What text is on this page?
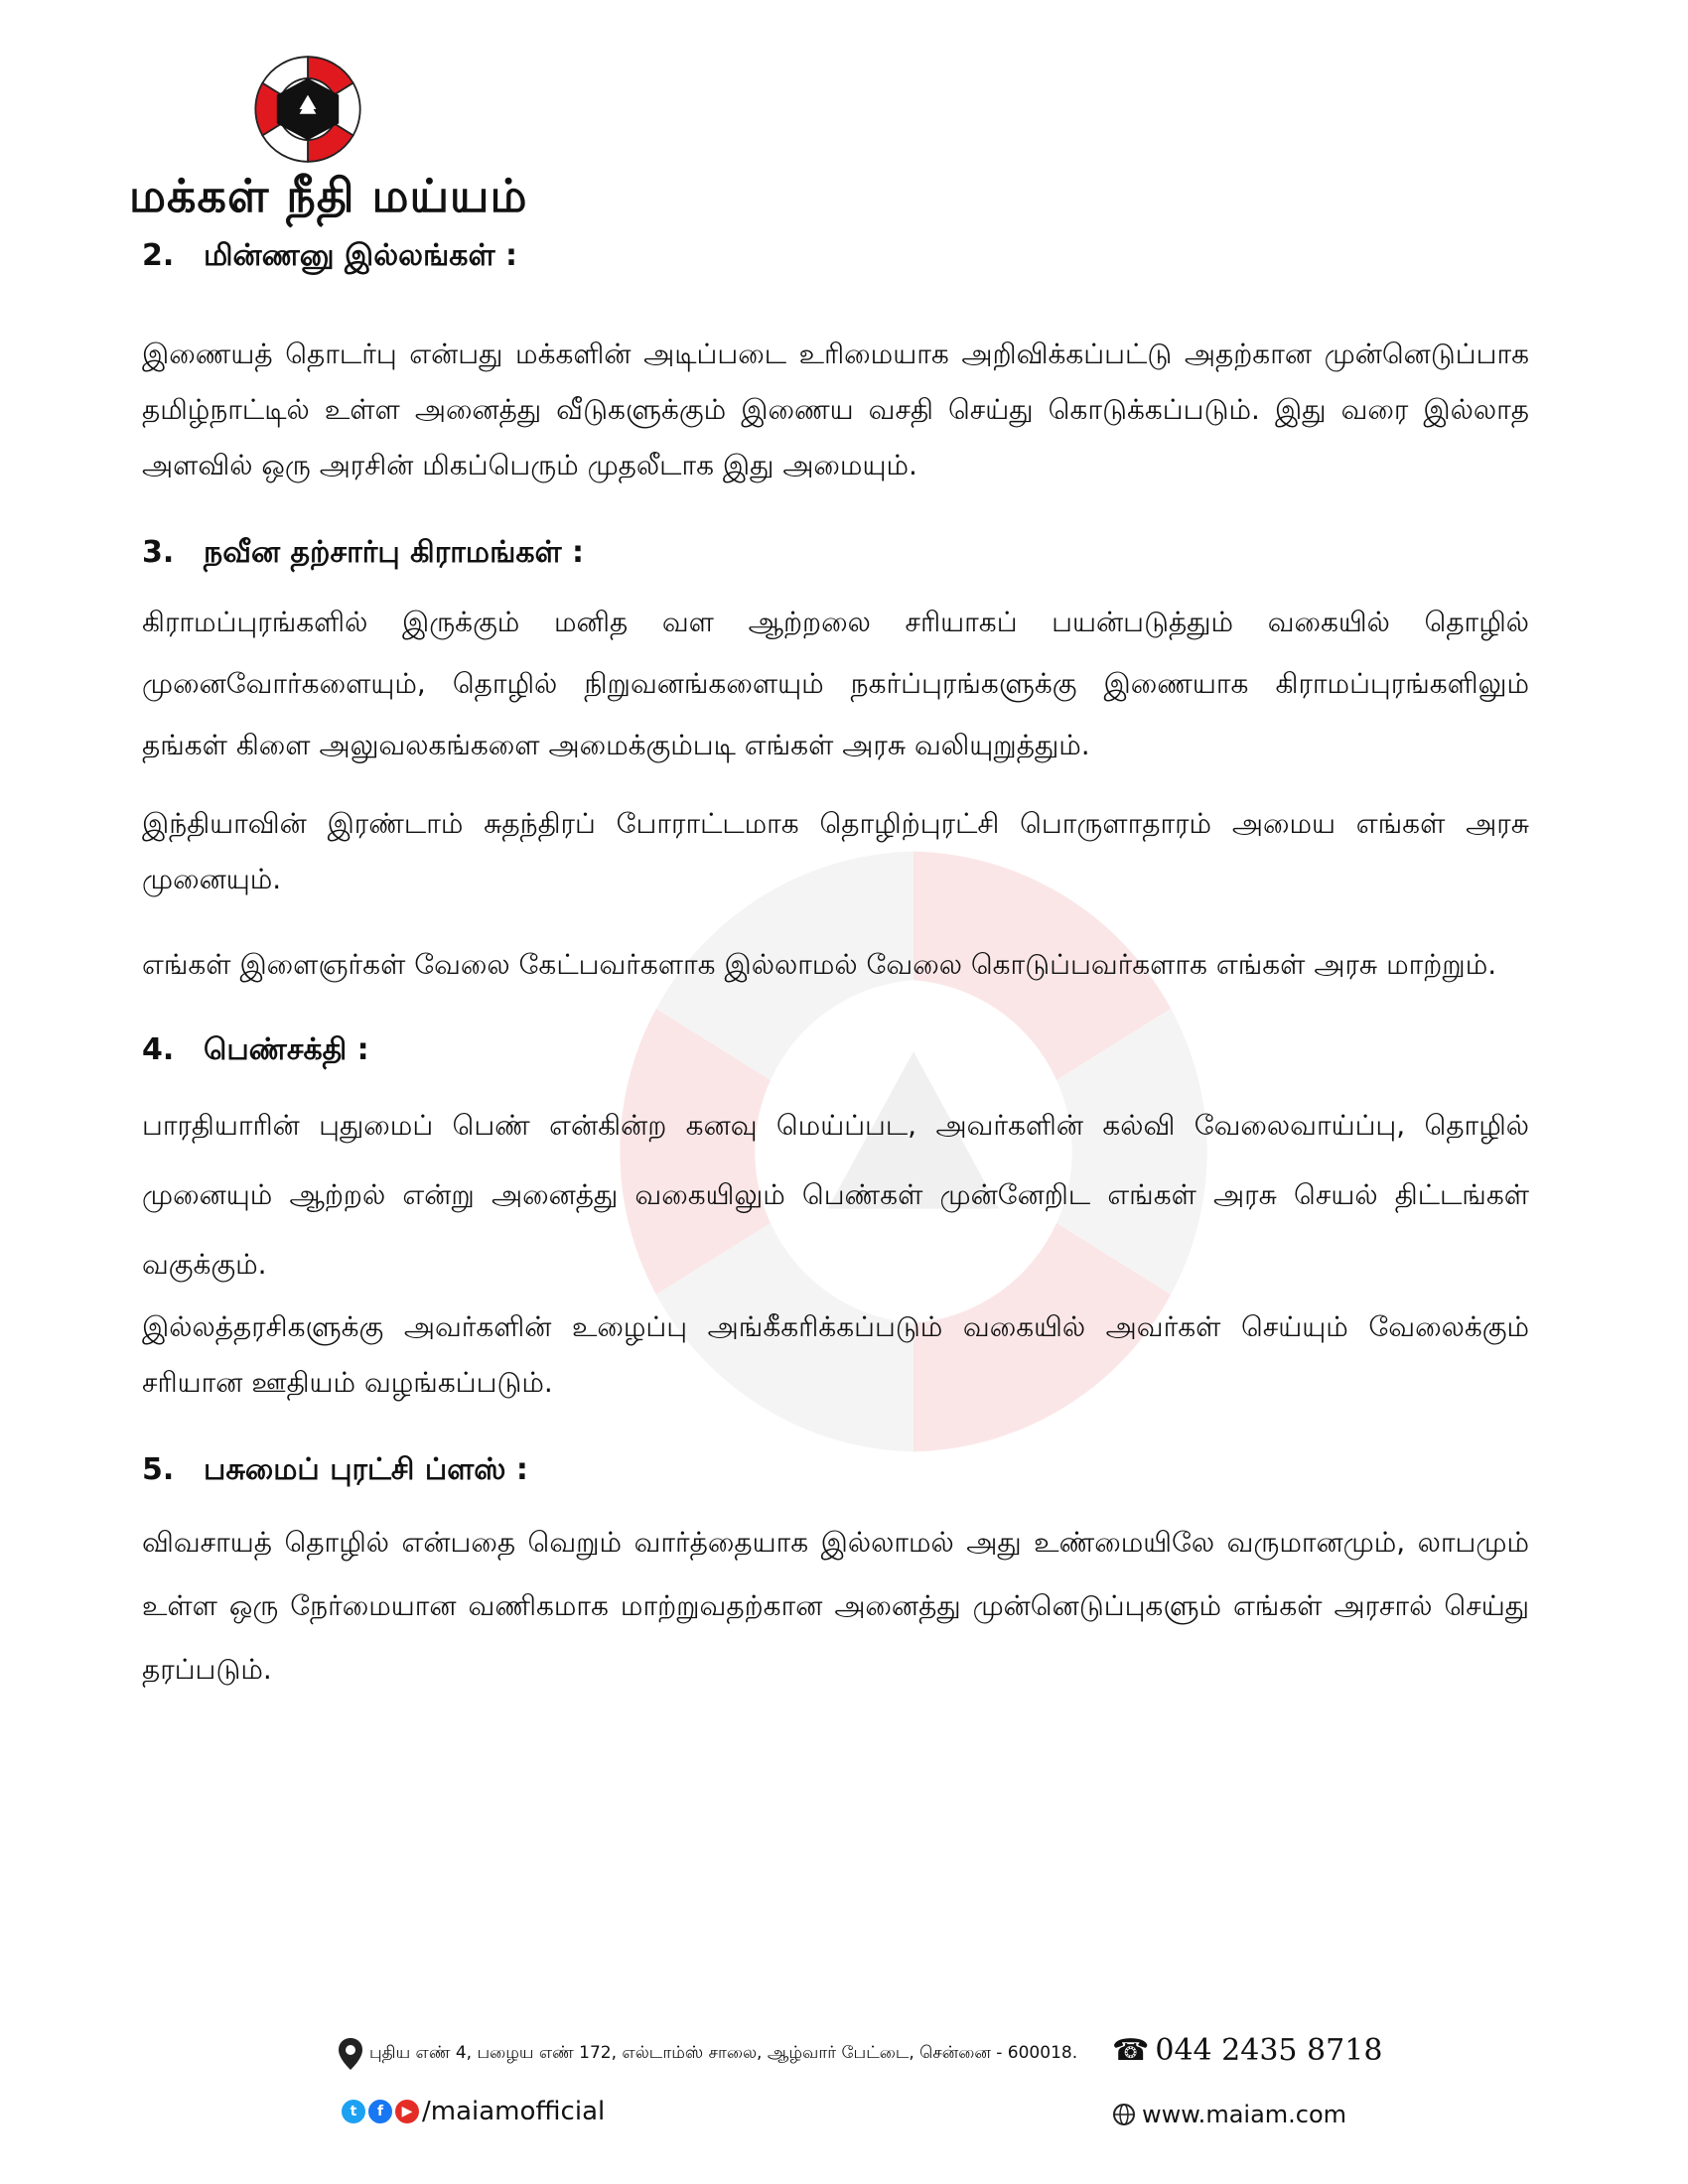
மக்கள் நீதி மய்யம்
2. மின்ணனு இல்லங்கள் :

இணையத் தொடர்பு என்பது மக்களின் அடிப்படை உரிமையாக அறிவிக்கப்பட்டு அதற்கான முன்னெடுப்பாக தமிழ்நாட்டில் உள்ள அனைத்து வீடுகளுக்கும் இணைய வசதி செய்து கொடுக்கப்படும். இது வரை இல்லாத அளவில் ஒரு அரசின் மிகப்பெரும் முதலீடாக இது அமையும்.

3. நவீன தற்சார்பு கிராமங்கள் :

கிராமப்புரங்களில் இருக்கும் மனித வள ஆற்றலை சரியாகப் பயன்படுத்தும் வகையில் தொழில் முனைவோர்களையும், தொழில் நிறுவனங்களையும் நகர்ப்புரங்களுக்கு இணையாக கிராமப்புரங்களிலும் தங்கள் கிளை அலுவலகங்களை அமைக்கும்படி எங்கள் அரசு வலியுறுத்தும்.

இந்தியாவின் இரண்டாம் சுதந்திரப் போராட்டமாக தொழிற்புரட்சி பொருளாதாரம் அமைய எங்கள் அரசு முனையும்.

எங்கள் இளைஞர்கள் வேலை கேட்பவர்களாக இல்லாமல் வேலை கொடுப்பவர்களாக எங்கள் அரசு மாற்றும்.

4. பெண்சக்தி :

பாரதியாரின் புதுமைப் பெண் என்கின்ற கனவு மெய்ப்பட, அவர்களின் கல்வி வேலைவாய்ப்பு, தொழில் முனையும் ஆற்றல் என்று அனைத்து வகையிலும் பெண்கள் முன்னேறிட எங்கள் அரசு செயல் திட்டங்கள் வகுக்கும்.

இல்லத்தரசிகளுக்கு அவர்களின் உழைப்பு அங்கீகரிக்கப்படும் வகையில் அவர்கள் செய்யும் வேலைக்கும் சரியான ஊதியம் வழங்கப்படும்.

5. பசுமைப் புரட்சி ப்ளஸ் :

விவசாயத் தொழில் என்பதை வெறும் வார்த்தையாக இல்லாமல் அது உண்மையிலே வருமானமும், லாபமும் உள்ள ஒரு நேர்மையான வணிகமாக மாற்றுவதற்கான அனைத்து முன்னெடுப்புகளும் எங்கள் அரசால் செய்து தரப்படும்.

புதிய எண் 4, பழைய எண் 172, எல்டாம்ஸ் சாலை, ஆழ்வார் பேட்டை, சென்னை - 600018. ☎ 044 2435 8718
t	f	▶ /maiamofficial	www.maiam.com
